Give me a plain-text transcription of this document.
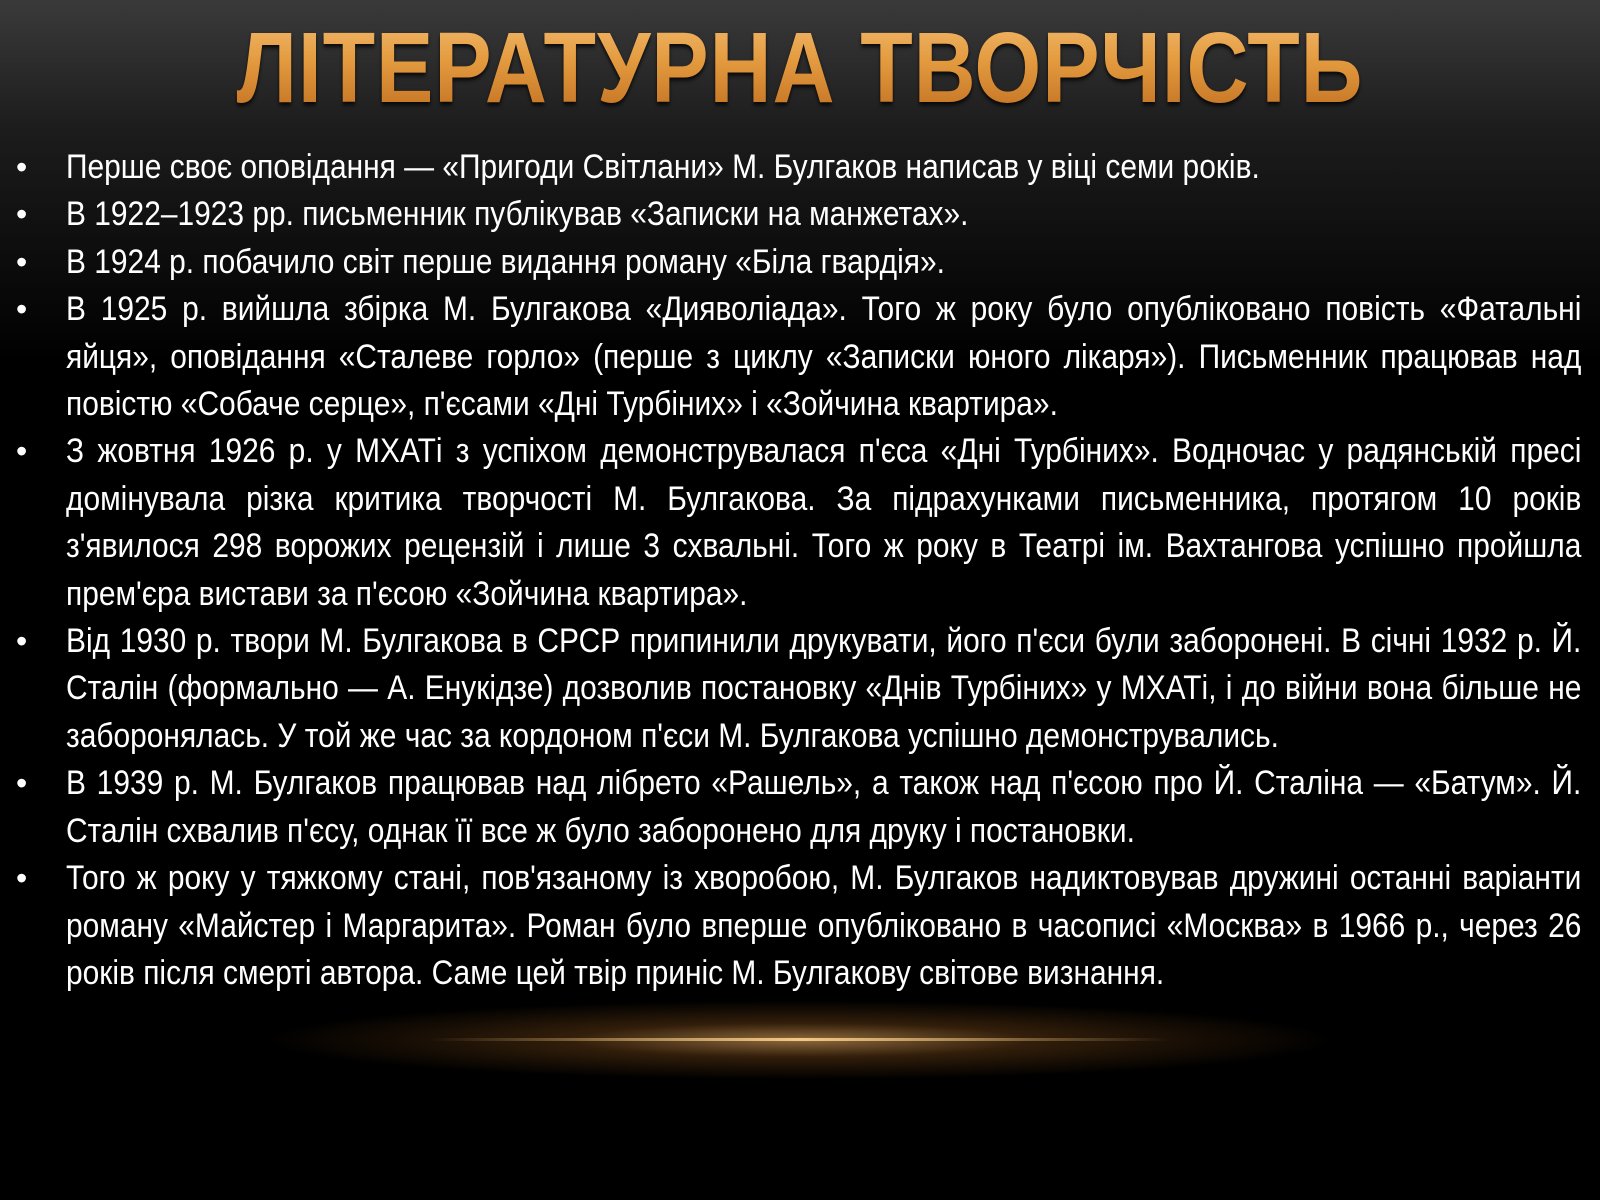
ЛІТЕРАТУРНА ТВОРЧІСТЬ
•	Перше своє оповідання — «Пригоди Світлани» М. Булгаков написав у віці семи років.
•	В 1922–1923 рр. письменник публікував «Записки на манжетах».
•	В 1924 р. побачило світ перше видання роману «Біла гвардія».
•	В 1925 р. вийшла збірка М. Булгакова «Дияволіада». Того ж року було опубліковано повість «Фатальні яйця», оповідання «Сталеве горло» (перше з циклу «Записки юного лікаря»). Письменник працював над повістю «Собаче серце», п'єсами «Дні Турбіних» і «Зойчина квартира».
•	З жовтня 1926 р. у МХАТі з успіхом демонструвалася п'єса «Дні Турбіних». Водночас у радянській пресі домінувала різка критика творчості М. Булгакова. За підрахунками письменника, протягом 10 років з'явилося 298 ворожих рецензій і лише 3 схвальні. Того ж року в Театрі ім. Вахтангова успішно пройшла прем'єра вистави за п'єсою «Зойчина квартира».
•	Від 1930 р. твори М. Булгакова в СРСР припинили друкувати, його п'єси були заборонені. В січні 1932 р. Й. Сталін (формально — А. Енукідзе) дозволив постановку «Днів Турбіних» у МХАТі, і до війни вона більше не заборонялась. У той же час за кордоном п'єси М. Булгакова успішно демонструвались.
•	В 1939 р. М. Булгаков працював над лібрето «Рашель», а також над п'єсою про Й. Сталіна — «Батум». Й. Сталін схвалив п'єсу, однак її все ж було заборонено для друку і постановки.
•	Того ж року у тяжкому стані, пов'язаному із хворобою, М. Булгаков надиктовував дружині останні варіанти роману «Майстер і Маргарита». Роман було вперше опубліковано в часописі «Москва» в 1966 р., через 26 років після смерті автора. Саме цей твір приніс М. Булгакову світове визнання.
